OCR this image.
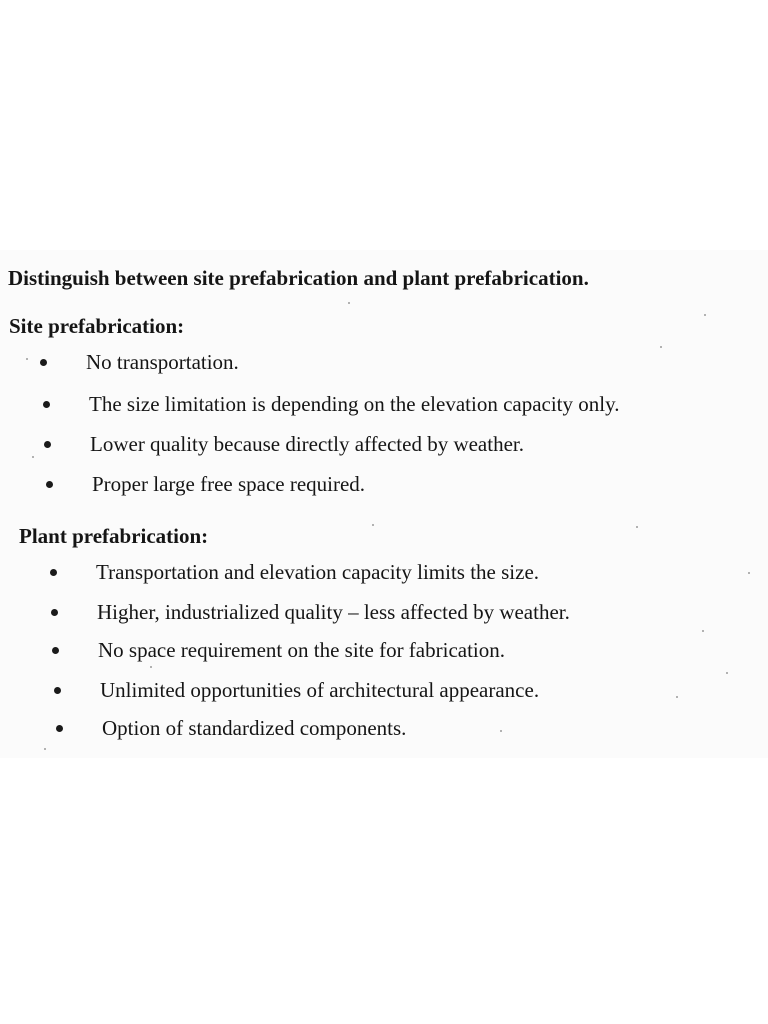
Distinguish between site prefabrication and plant prefabrication.
Site prefabrication:
No transportation.
The size limitation is depending on the elevation capacity only.
Lower quality because directly affected by weather.
Proper large free space required.
Plant prefabrication:
Transportation and elevation capacity limits the size.
Higher, industrialized quality – less affected by weather.
No space requirement on the site for fabrication.
Unlimited opportunities of architectural appearance.
Option of standardized components.
